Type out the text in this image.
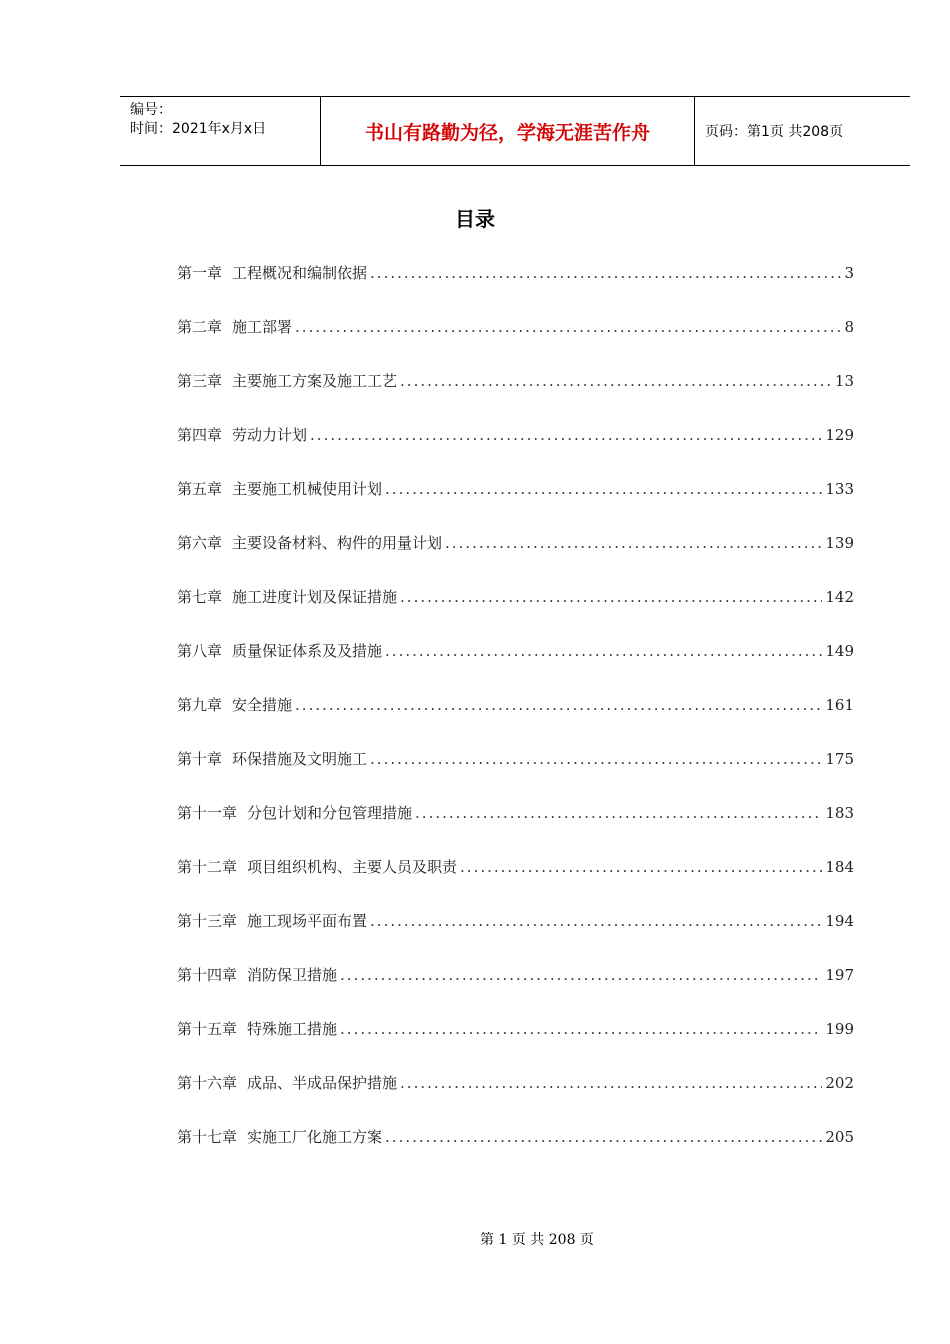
编号：
时间：2021年x月x日	书山有路勤为径，学海无涯苦作舟	页码：第1页 共208页
目录
第一章 工程概况和编制依据 .....	3
第二章 施工部署 .....	8
第三章 主要施工方案及施工工艺 .....	13
第四章 劳动力计划 .....	129
第五章 主要施工机械使用计划 .....	133
第六章 主要设备材料、构件的用量计划 .....	139
第七章 施工进度计划及保证措施 .....	142
第八章 质量保证体系及及措施 .....	149
第九章 安全措施 .....	161
第十章 环保措施及文明施工 .....	175
第十一章 分包计划和分包管理措施 .....	183
第十二章 项目组织机构、主要人员及职责 .....	184
第十三章 施工现场平面布置 .....	194
第十四章 消防保卫措施 .....	197
第十五章 特殊施工措施 .....	199
第十六章 成品、半成品保护措施 .....	202
第十七章 实施工厂化施工方案 .....	205
第 1 页 共 208 页
